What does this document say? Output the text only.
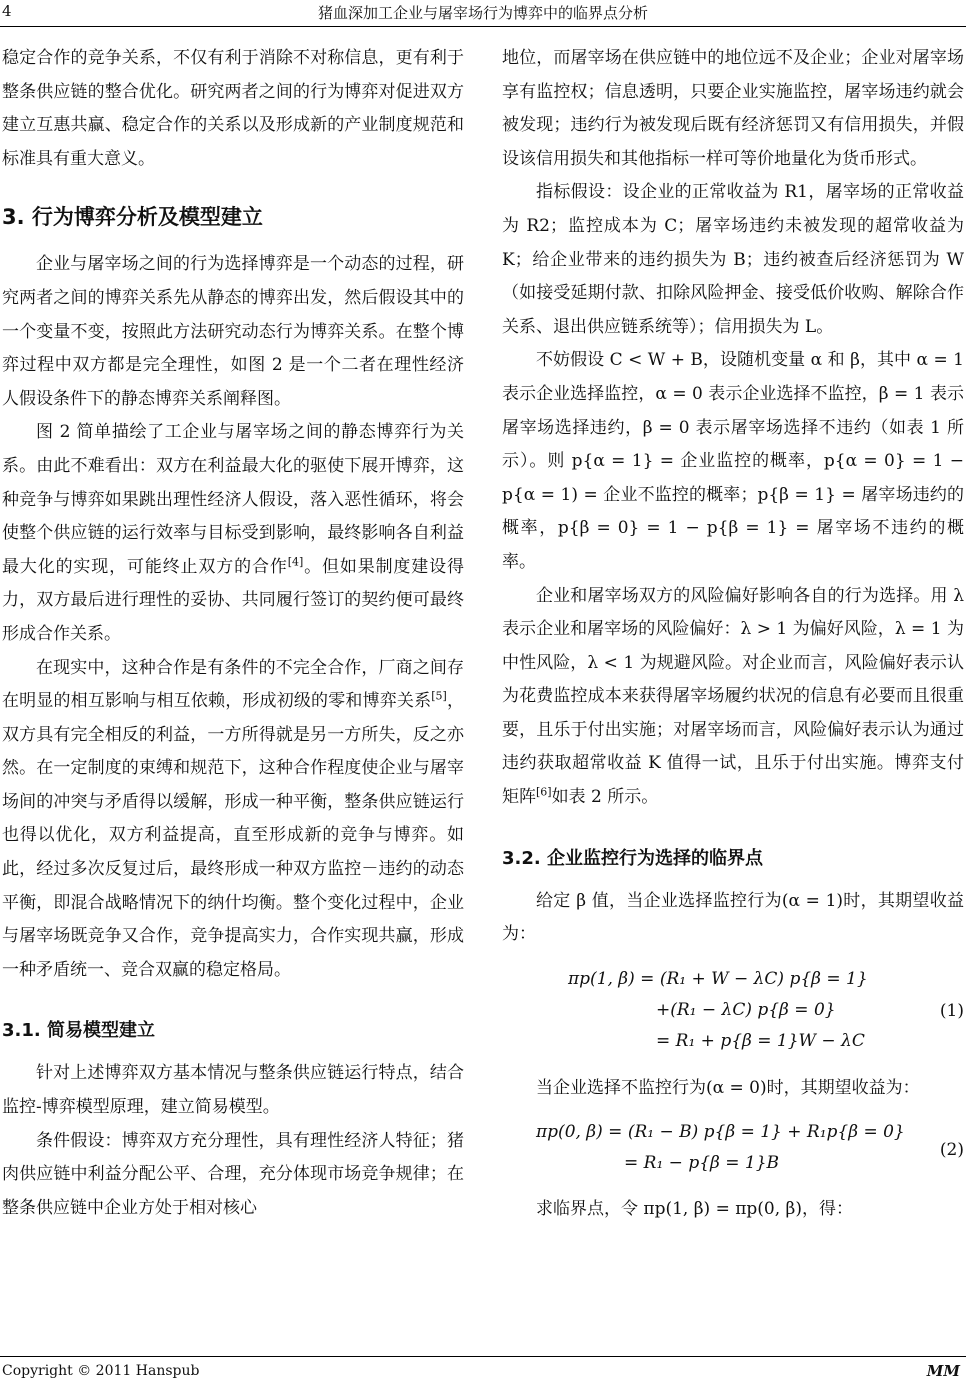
4	猪血深加工企业与屠宰场行为博弈中的临界点分析

稳定合作的竞争关系，不仅有利于消除不对称信息，更有利于整条供应链的整合优化。研究两者之间的行为博弈对促进双方建立互惠共赢、稳定合作的关系以及形成新的产业制度规范和标准具有重大意义。

3. 行为博弈分析及模型建立

企业与屠宰场之间的行为选择博弈是一个动态的过程，研究两者之间的博弈关系先从静态的博弈出发，然后假设其中的一个变量不变，按照此方法研究动态行为博弈关系。在整个博弈过程中双方都是完全理性，如图 2 是一个二者在理性经济人假设条件下的静态博弈关系阐释图。

图 2 简单描绘了工企业与屠宰场之间的静态博弈行为关系。由此不难看出：双方在利益最大化的驱使下展开博弈，这种竞争与博弈如果跳出理性经济人假设，落入恶性循环，将会使整个供应链的运行效率与目标受到影响，最终影响各自利益最大化的实现，可能终止双方的合作[4]。但如果制度建设得力，双方最后进行理性的妥协、共同履行签订的契约便可最终形成合作关系。

在现实中，这种合作是有条件的不完全合作，厂商之间存在明显的相互影响与相互依赖，形成初级的零和博弈关系[5]，双方具有完全相反的利益，一方所得就是另一方所失，反之亦然。在一定制度的束缚和规范下，这种合作程度使企业与屠宰场间的冲突与矛盾得以缓解，形成一种平衡，整条供应链运行也得以优化，双方利益提高，直至形成新的竞争与博弈。如此，经过多次反复过后，最终形成一种双方监控－违约的动态平衡，即混合战略情况下的纳什均衡。整个变化过程中，企业与屠宰场既竞争又合作，竞争提高实力，合作实现共赢，形成一种矛盾统一、竞合双赢的稳定格局。

3.1. 简易模型建立

针对上述博弈双方基本情况与整条供应链运行特点，结合监控-博弈模型原理，建立简易模型。

条件假设：博弈双方充分理性，具有理性经济人特征；猪肉供应链中利益分配公平、合理，充分体现市场竞争规律；在整条供应链中企业方处于相对核心

地位，而屠宰场在供应链中的地位远不及企业；企业对屠宰场享有监控权；信息透明，只要企业实施监控，屠宰场违约就会被发现；违约行为被发现后既有经济惩罚又有信用损失，并假设该信用损失和其他指标一样可等价地量化为货币形式。

指标假设：设企业的正常收益为 R1，屠宰场的正常收益为 R2；监控成本为 C；屠宰场违约未被发现的超常收益为 K；给企业带来的违约损失为 B；违约被查后经济惩罚为 W（如接受延期付款、扣除风险押金、接受低价收购、解除合作关系、退出供应链系统等）；信用损失为 L。

不妨假设 C < W + B，设随机变量 α 和 β，其中 α = 1 表示企业选择监控，α = 0 表示企业选择不监控，β = 1 表示屠宰场选择违约，β = 0 表示屠宰场选择不违约（如表 1 所示）。则 p{α = 1} = 企业监控的概率，p{α = 0} = 1 − p{α = 1) = 企业不监控的概率；p{β = 1} = 屠宰场违约的概率，p{β = 0} = 1 − p{β = 1} = 屠宰场不违约的概率。

企业和屠宰场双方的风险偏好影响各自的行为选择。用 λ 表示企业和屠宰场的风险偏好：λ > 1 为偏好风险，λ = 1 为中性风险，λ < 1 为规避风险。对企业而言，风险偏好表示认为花费监控成本来获得屠宰场履约状况的信息有必要而且很重要，且乐于付出实施；对屠宰场而言，风险偏好表示认为通过违约获取超常收益 K 值得一试，且乐于付出实施。博弈支付矩阵[6]如表 2 所示。

3.2. 企业监控行为选择的临界点

给定 β 值，当企业选择监控行为(α = 1)时，其期望收益为：

πp(1, β) = (R₁ + W − λC) p{β = 1}
+(R₁ − λC) p{β = 0}
= R₁ + p{β = 1}W − λC
(1)

当企业选择不监控行为(α = 0)时，其期望收益为：

πp(0, β) = (R₁ − B) p{β = 1} + R₁p{β = 0}
= R₁ − p{β = 1}B
(2)

求临界点，令 πp(1, β) = πp(0, β)，得：

Copyright © 2011 Hanspub	MM
